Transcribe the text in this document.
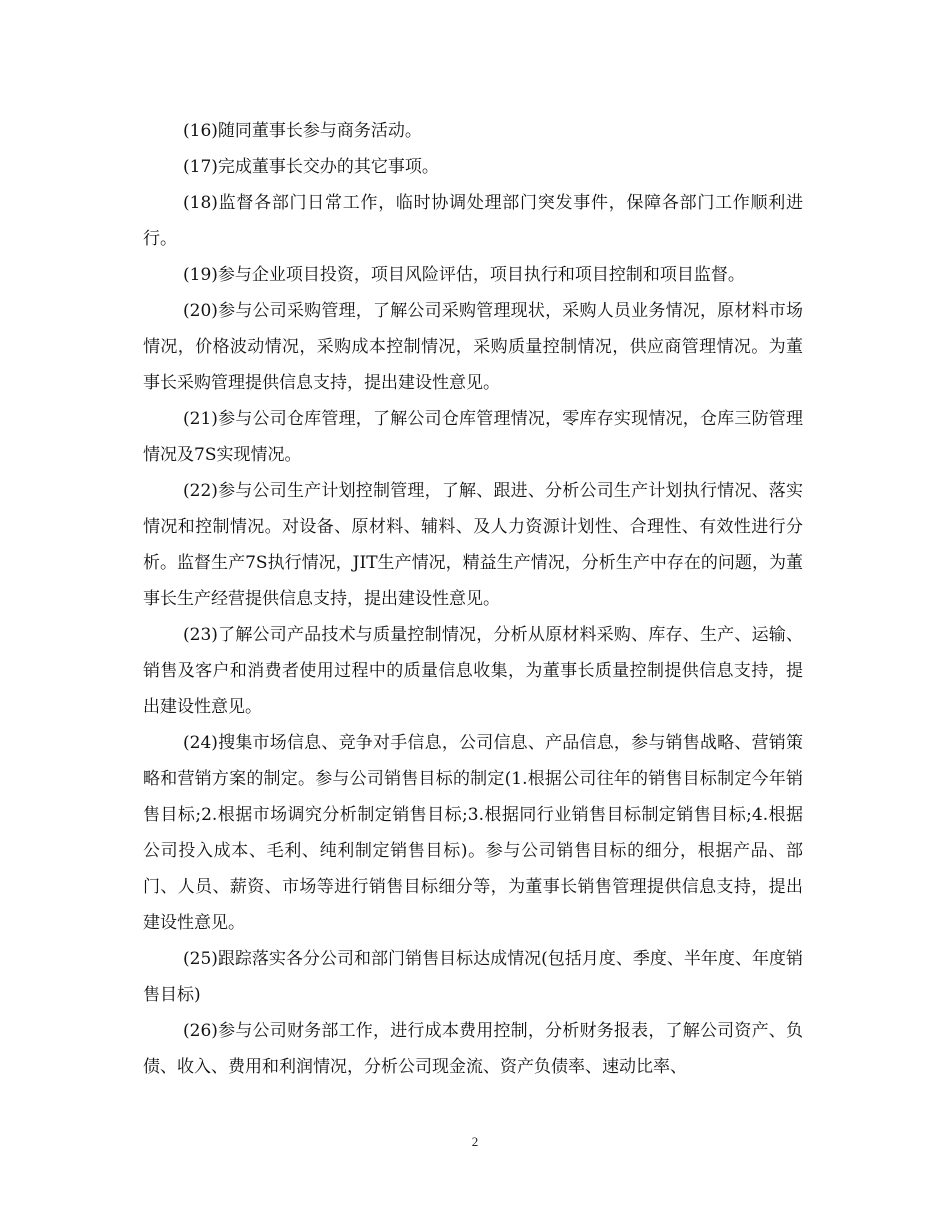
(16)随同董事长参与商务活动。

(17)完成董事长交办的其它事项。

(18)监督各部门日常工作，临时协调处理部门突发事件，保障各部门工作顺利进行。

(19)参与企业项目投资，项目风险评估，项目执行和项目控制和项目监督。

(20)参与公司采购管理，了解公司采购管理现状，采购人员业务情况，原材料市场情况，价格波动情况，采购成本控制情况，采购质量控制情况，供应商管理情况。为董事长采购管理提供信息支持，提出建设性意见。

(21)参与公司仓库管理，了解公司仓库管理情况，零库存实现情况，仓库三防管理情况及7S实现情况。

(22)参与公司生产计划控制管理，了解、跟进、分析公司生产计划执行情况、落实情况和控制情况。对设备、原材料、辅料、及人力资源计划性、合理性、有效性进行分析。监督生产7S执行情况，JIT生产情况，精益生产情况，分析生产中存在的问题，为董事长生产经营提供信息支持，提出建设性意见。

(23)了解公司产品技术与质量控制情况，分析从原材料采购、库存、生产、运输、销售及客户和消费者使用过程中的质量信息收集，为董事长质量控制提供信息支持，提出建设性意见。

(24)搜集市场信息、竞争对手信息，公司信息、产品信息，参与销售战略、营销策略和营销方案的制定。参与公司销售目标的制定(1.根据公司往年的销售目标制定今年销售目标;2.根据市场调究分析制定销售目标;3.根据同行业销售目标制定销售目标;4.根据公司投入成本、毛利、纯利制定销售目标)。参与公司销售目标的细分，根据产品、部门、人员、薪资、市场等进行销售目标细分等，为董事长销售管理提供信息支持，提出建设性意见。

(25)跟踪落实各分公司和部门销售目标达成情况(包括月度、季度、半年度、年度销售目标)

(26)参与公司财务部工作，进行成本费用控制，分析财务报表，了解公司资产、负债、收入、费用和利润情况，分析公司现金流、资产负债率、速动比率、

2
